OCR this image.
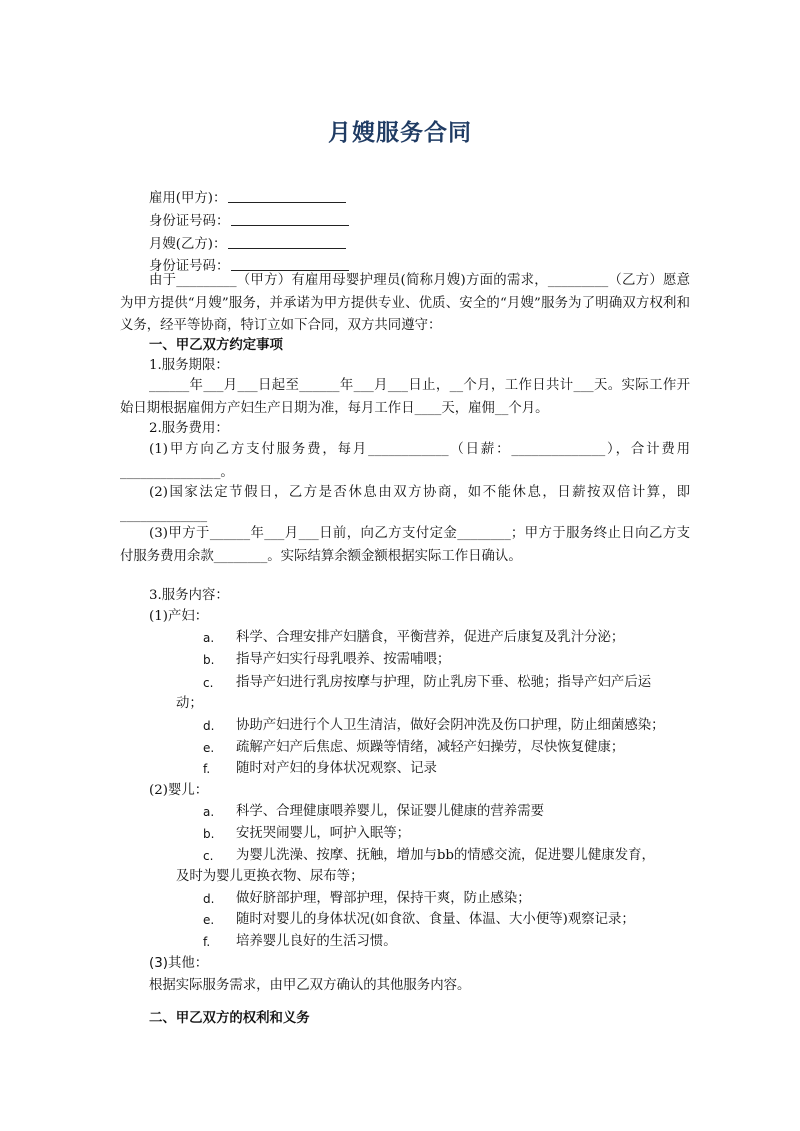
月嫂服务合同
雇用(甲方)：
身份证号码：
月嫂(乙方)：
身份证号码：
由于_________（甲方）有雇用母婴护理员(简称月嫂)方面的需求，_________（乙方）愿意为甲方提供“月嫂”服务，并承诺为甲方提供专业、优质、安全的“月嫂”服务为了明确双方权利和义务，经平等协商，特订立如下合同，双方共同遵守：
一、甲乙双方约定事项
1.服务期限：
______年___月___日起至______年___月___日止，__个月，工作日共计___天。实际工作开始日期根据雇佣方产妇生产日期为准，每月工作日____天，雇佣__个月。
2.服务费用：
(1)甲方向乙方支付服务费，每月____________（日薪：______________），合计费用_______________。
(2)国家法定节假日，乙方是否休息由双方协商，如不能休息，日薪按双倍计算，即 _____________
(3)甲方于______年___月___日前，向乙方支付定金________；甲方于服务终止日向乙方支付服务费用余款________。实际结算余额金额根据实际工作日确认。
3.服务内容：
(1)产妇：
a. 科学、合理安排产妇膳食，平衡营养，促进产后康复及乳汁分泌；
b. 指导产妇实行母乳喂养、按需哺喂；
c. 指导产妇进行乳房按摩与护理，防止乳房下垂、松驰；指导产妇产后运
动；
d. 协助产妇进行个人卫生清洁，做好会阴冲洗及伤口护理，防止细菌感染；
e. 疏解产妇产后焦虑、烦躁等情绪，减轻产妇操劳，尽快恢复健康；
f. 随时对产妇的身体状况观察、记录
(2)婴儿：
a. 科学、合理健康喂养婴儿，保证婴儿健康的营养需要
b. 安抚哭闹婴儿，呵护入眠等；
c. 为婴儿洗澡、按摩、抚触，增加与bb的情感交流，促进婴儿健康发育，
及时为婴儿更换衣物、尿布等；
d. 做好脐部护理，臀部护理，保持干爽，防止感染；
e. 随时对婴儿的身体状况(如食欲、食量、体温、大小便等)观察记录；
f. 培养婴儿良好的生活习惯。
(3)其他：
根据实际服务需求，由甲乙双方确认的其他服务内容。
二、甲乙双方的权利和义务
